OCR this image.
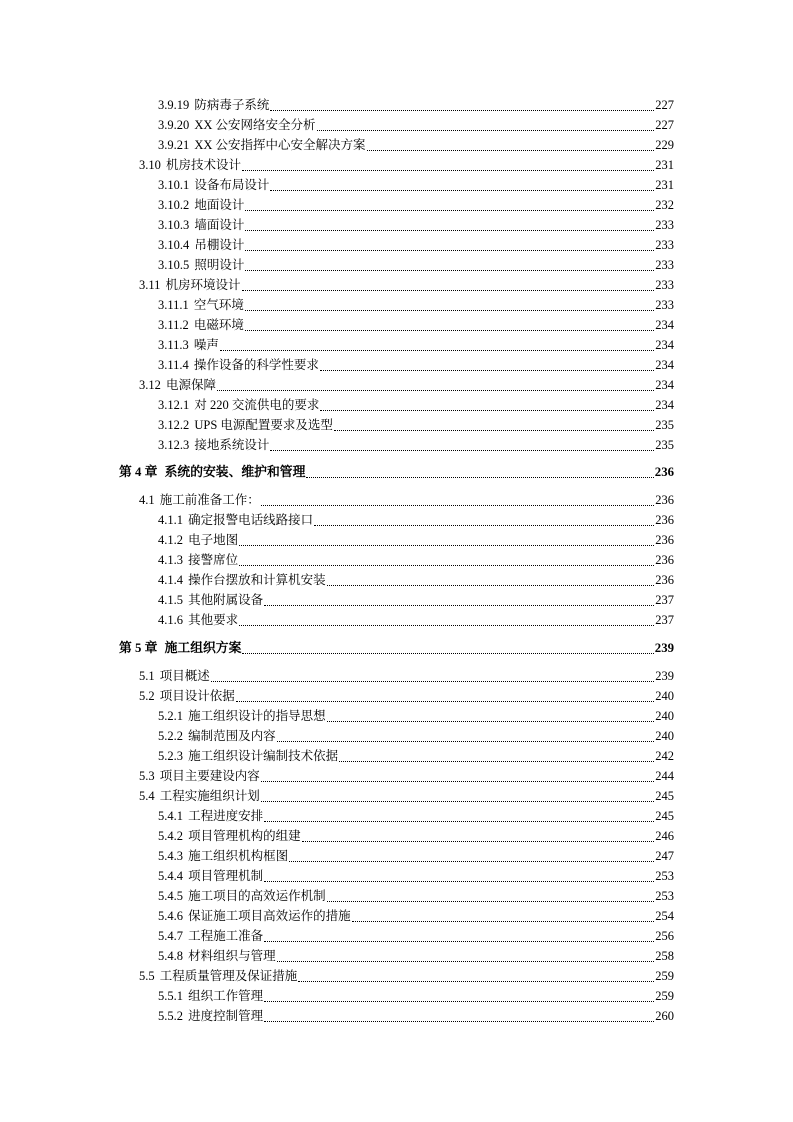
3.9.19 防病毒子系统	227
3.9.20 XX 公安网络安全分析	227
3.9.21 XX 公安指挥中心安全解决方案	229
3.10 机房技术设计	231
3.10.1 设备布局设计	231
3.10.2 地面设计	232
3.10.3 墙面设计	233
3.10.4 吊棚设计	233
3.10.5 照明设计	233
3.11 机房环境设计	233
3.11.1 空气环境	233
3.11.2 电磁环境	234
3.11.3 噪声	234
3.11.4 操作设备的科学性要求	234
3.12 电源保障	234
3.12.1 对 220 交流供电的要求	234
3.12.2 UPS 电源配置要求及选型	235
3.12.3 接地系统设计	235
第 4 章 系统的安装、维护和管理	236
4.1 施工前准备工作：	236
4.1.1 确定报警电话线路接口	236
4.1.2 电子地图	236
4.1.3 接警席位	236
4.1.4 操作台摆放和计算机安装	236
4.1.5 其他附属设备	237
4.1.6 其他要求	237
第 5 章 施工组织方案	239
5.1 项目概述	239
5.2 项目设计依据	240
5.2.1 施工组织设计的指导思想	240
5.2.2 编制范围及内容	240
5.2.3 施工组织设计编制技术依据	242
5.3 项目主要建设内容	244
5.4 工程实施组织计划	245
5.4.1 工程进度安排	245
5.4.2 项目管理机构的组建	246
5.4.3 施工组织机构框图	247
5.4.4 项目管理机制	253
5.4.5 施工项目的高效运作机制	253
5.4.6 保证施工项目高效运作的措施	254
5.4.7 工程施工准备	256
5.4.8 材料组织与管理	258
5.5 工程质量管理及保证措施	259
5.5.1 组织工作管理	259
5.5.2 进度控制管理	260
